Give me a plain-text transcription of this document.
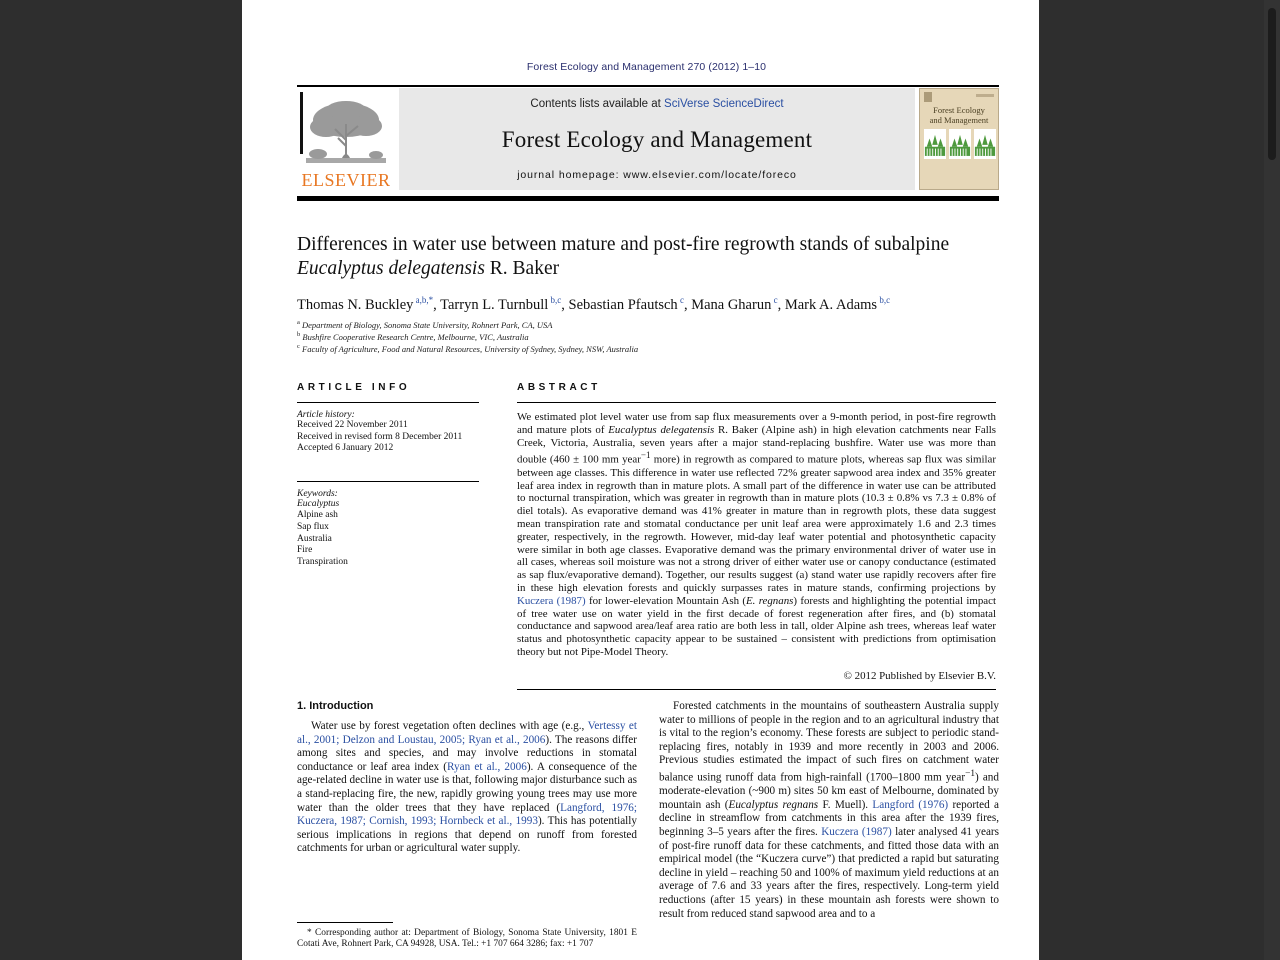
Forest Ecology and Management 270 (2012) 1–10
ELSEVIER
Contents lists available at SciVerse ScienceDirect
Forest Ecology and Management
journal homepage: www.elsevier.com/locate/foreco
Forest Ecology
and Management
Differences in water use between mature and post-fire regrowth stands of subalpine Eucalyptus delegatensis R. Baker
Thomas N. Buckley $^{a,b,*}$, Tarryn L. Turnbull $^{b,c}$, Sebastian Pfautsch $^c$, Mana Gharun $^c$, Mark A. Adams $^{b,c}$
$^a$ Department of Biology, Sonoma State University, Rohnert Park, CA, USA
$^b$ Bushfire Cooperative Research Centre, Melbourne, VIC, Australia
$^c$ Faculty of Agriculture, Food and Natural Resources, University of Sydney, Sydney, NSW, Australia
ARTICLE INFO
Article history:
Received 22 November 2011
Received in revised form 8 December 2011
Accepted 6 January 2012
Keywords:
Eucalyptus
Alpine ash
Sap flux
Australia
Fire
Transpiration
ABSTRACT

We estimated plot level water use from sap flux measurements over a 9-month period, in post-fire regrowth and mature plots of Eucalyptus delegatensis R. Baker (Alpine ash) in high elevation catchments near Falls Creek, Victoria, Australia, seven years after a major stand-replacing bushfire. Water use was more than double (460 ± 100 mm year$^{-1}$ more) in regrowth as compared to mature plots, whereas sap flux was similar between age classes. This difference in water use reflected 72% greater sapwood area index and 35% greater leaf area index in regrowth than in mature plots. A small part of the difference in water use can be attributed to nocturnal transpiration, which was greater in regrowth than in mature plots (10.3 ± 0.8% vs 7.3 ± 0.8% of diel totals). As evaporative demand was 41% greater in mature than in regrowth plots, these data suggest mean transpiration rate and stomatal conductance per unit leaf area were approximately 1.6 and 2.3 times greater, respectively, in the regrowth. However, mid-day leaf water potential and photosynthetic capacity were similar in both age classes. Evaporative demand was the primary environmental driver of water use in all cases, whereas soil moisture was not a strong driver of either water use or canopy conductance (estimated as sap flux/evaporative demand). Together, our results suggest (a) stand water use rapidly recovers after fire in these high elevation forests and quickly surpasses rates in mature stands, confirming projections by Kuczera (1987) for lower-elevation Mountain Ash (E. regnans) forests and highlighting the potential impact of tree water use on water yield in the first decade of forest regeneration after fires, and (b) stomatal conductance and sapwood area/leaf area ratio are both less in tall, older Alpine ash trees, whereas leaf water status and photosynthetic capacity appear to be sustained – consistent with predictions from optimisation theory but not Pipe-Model Theory.

© 2012 Published by Elsevier B.V.
1. Introduction

Water use by forest vegetation often declines with age (e.g., Vertessy et al., 2001; Delzon and Loustau, 2005; Ryan et al., 2006). The reasons differ among sites and species, and may involve reductions in stomatal conductance or leaf area index (Ryan et al., 2006). A consequence of the age-related decline in water use is that, following major disturbance such as a stand-replacing fire, the new, rapidly growing young trees may use more water than the older trees that they have replaced (Langford, 1976; Kuczera, 1987; Cornish, 1993; Hornbeck et al., 1993). This has potentially serious implications in regions that depend on runoff from forested catchments for urban or agricultural water supply.

Forested catchments in the mountains of southeastern Australia supply water to millions of people in the region and to an agricultural industry that is vital to the region’s economy. These forests are subject to periodic stand-replacing fires, notably in 1939 and more recently in 2003 and 2006. Previous studies estimated the impact of such fires on catchment water balance using runoff data from high-rainfall (1700–1800 mm year$^{-1}$) and moderate-elevation (~900 m) sites 50 km east of Melbourne, dominated by mountain ash (Eucalyptus regnans F. Muell). Langford (1976) reported a decline in streamflow from catchments in this area after the 1939 fires, beginning 3–5 years after the fires. Kuczera (1987) later analysed 41 years of post-fire runoff data for these catchments, and fitted those data with an empirical model (the “Kuczera curve”) that predicted a rapid but saturating decline in yield – reaching 50 and 100% of maximum yield reductions at an average of 7.6 and 33 years after the fires, respectively. Long-term yield reductions (after 15 years) in these mountain ash forests were shown to result from reduced stand sapwood area and to a

* Corresponding author at: Department of Biology, Sonoma State University, 1801 E Cotati Ave, Rohnert Park, CA 94928, USA. Tel.: +1 707 664 3286; fax: +1 707
